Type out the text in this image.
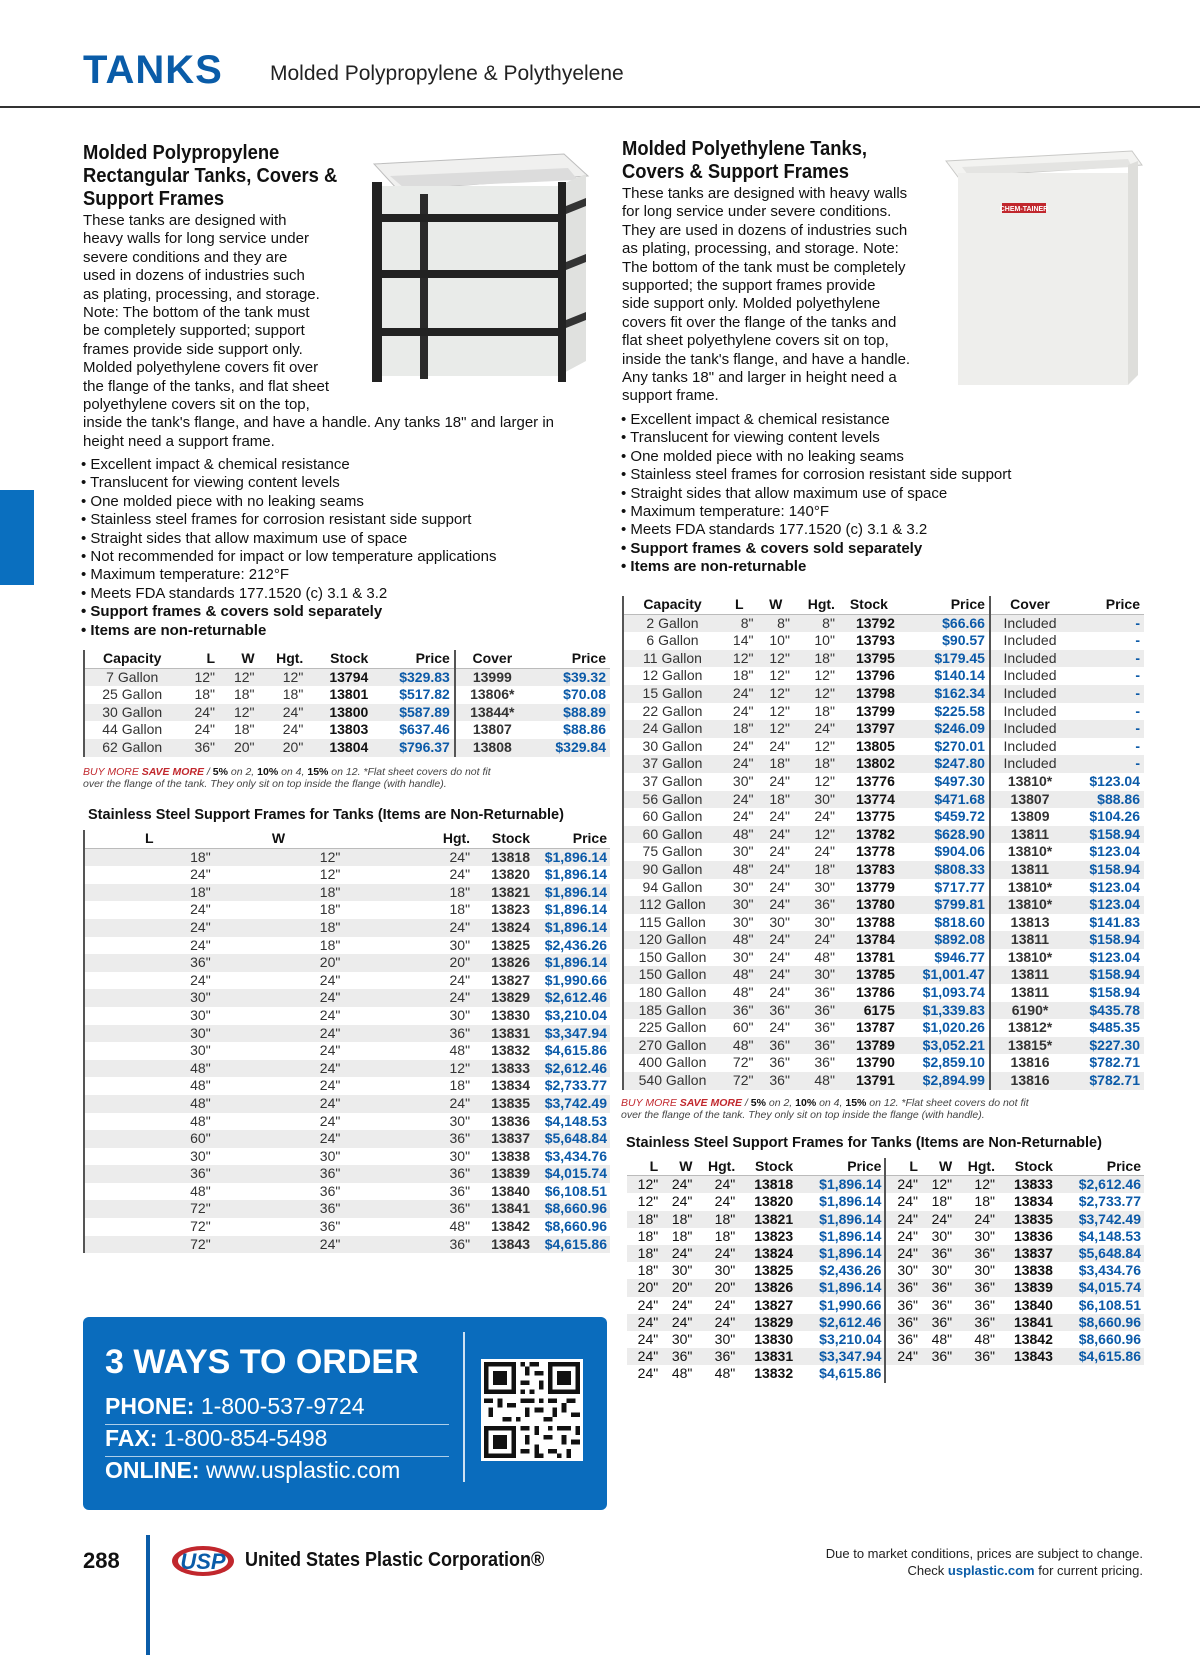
TANKS Molded Polypropylene & Polythyelene
Molded Polypropylene
Rectangular Tanks, Covers &
Support Frames
These tanks are designed with
heavy walls for long service under
severe conditions and they are
used in dozens of industries such
as plating, processing, and storage.
Note: The bottom of the tank must
be completely supported; support
frames provide side support only.
Molded polyethylene covers fit over
the flange of the tanks, and flat sheet
polyethylene covers sit on the top,
inside the tank's flange, and have a handle. Any tanks 18" and larger in
height need a support frame.
• Excellent impact & chemical resistance
• Translucent for viewing content levels
• One molded piece with no leaking seams
• Stainless steel frames for corrosion resistant side support
• Straight sides that allow maximum use of space
• Not recommended for impact or low temperature applications
• Maximum temperature: 212°F
• Meets FDA standards 177.1520 (c) 3.1 & 3.2
• Support frames & covers sold separately
• Items are non-returnable
Capacity	L	W	Hgt.	Stock	Price	Cover	Price
7 Gallon	12"	12"	12"	13794	$329.83	13999	$39.32
25 Gallon	18"	18"	18"	13801	$517.82	13806*	$70.08
30 Gallon	24"	12"	24"	13800	$587.89	13844*	$88.89
44 Gallon	24"	18"	24"	13803	$637.46	13807	$88.86
62 Gallon	36"	20"	20"	13804	$796.37	13808	$329.84
BUY MORE SAVE MORE / 5% on 2, 10% on 4, 15% on 12. *Flat sheet covers do not fit
over the flange of the tank. They only sit on top inside the flange (with handle).
Stainless Steel Support Frames for Tanks (Items are Non-Returnable)
L	W	Hgt.	Stock	Price
18"	12"	24"	13818	$1,896.14
24"	12"	24"	13820	$1,896.14
18"	18"	18"	13821	$1,896.14
24"	18"	18"	13823	$1,896.14
24"	18"	24"	13824	$1,896.14
24"	18"	30"	13825	$2,436.26
36"	20"	20"	13826	$1,896.14
24"	24"	24"	13827	$1,990.66
30"	24"	24"	13829	$2,612.46
30"	24"	30"	13830	$3,210.04
30"	24"	36"	13831	$3,347.94
30"	24"	48"	13832	$4,615.86
48"	24"	12"	13833	$2,612.46
48"	24"	18"	13834	$2,733.77
48"	24"	24"	13835	$3,742.49
48"	24"	30"	13836	$4,148.53
60"	24"	36"	13837	$5,648.84
30"	30"	30"	13838	$3,434.76
36"	36"	36"	13839	$4,015.74
48"	36"	36"	13840	$6,108.51
72"	36"	36"	13841	$8,660.96
72"	36"	48"	13842	$8,660.96
72"	24"	36"	13843	$4,615.86
3 WAYS TO ORDER
PHONE: 1-800-537-9724
FAX: 1-800-854-5498
ONLINE: www.usplastic.com
Molded Polyethylene Tanks,
Covers & Support Frames
CHEM-TAINER
These tanks are designed with heavy walls
for long service under severe conditions.
They are used in dozens of industries such
as plating, processing, and storage. Note:
The bottom of the tank must be completely
supported; the support frames provide
side support only. Molded polyethylene
covers fit over the flange of the tanks and
flat sheet polyethylene covers sit on top,
inside the tank's flange, and have a handle.
Any tanks 18" and larger in height need a
support frame.
• Excellent impact & chemical resistance
• Translucent for viewing content levels
• One molded piece with no leaking seams
• Stainless steel frames for corrosion resistant side support
• Straight sides that allow maximum use of space
• Maximum temperature: 140°F
• Meets FDA standards 177.1520 (c) 3.1 & 3.2
• Support frames & covers sold separately
• Items are non-returnable
Capacity	L	W	Hgt.	Stock	Price	Cover	Price
2 Gallon	8"	8"	8"	13792	$66.66	Included	-
6 Gallon	14"	10"	10"	13793	$90.57	Included	-
11 Gallon	12"	12"	18"	13795	$179.45	Included	-
12 Gallon	18"	12"	12"	13796	$140.14	Included	-
15 Gallon	24"	12"	12"	13798	$162.34	Included	-
22 Gallon	24"	12"	18"	13799	$225.58	Included	-
24 Gallon	18"	12"	24"	13797	$246.09	Included	-
30 Gallon	24"	24"	12"	13805	$270.01	Included	-
37 Gallon	24"	18"	18"	13802	$247.80	Included	-
37 Gallon	30"	24"	12"	13776	$497.30	13810*	$123.04
56 Gallon	24"	18"	30"	13774	$471.68	13807	$88.86
60 Gallon	24"	24"	24"	13775	$459.72	13809	$104.26
60 Gallon	48"	24"	12"	13782	$628.90	13811	$158.94
75 Gallon	30"	24"	24"	13778	$904.06	13810*	$123.04
90 Gallon	48"	24"	18"	13783	$808.33	13811	$158.94
94 Gallon	30"	24"	30"	13779	$717.77	13810*	$123.04
112 Gallon	30"	24"	36"	13780	$799.81	13810*	$123.04
115 Gallon	30"	30"	30"	13788	$818.60	13813	$141.83
120 Gallon	48"	24"	24"	13784	$892.08	13811	$158.94
150 Gallon	30"	24"	48"	13781	$946.77	13810*	$123.04
150 Gallon	48"	24"	30"	13785	$1,001.47	13811	$158.94
180 Gallon	48"	24"	36"	13786	$1,093.74	13811	$158.94
185 Gallon	36"	36"	36"	6175	$1,339.83	6190*	$435.78
225 Gallon	60"	24"	36"	13787	$1,020.26	13812*	$485.35
270 Gallon	48"	36"	36"	13789	$3,052.21	13815*	$227.30
400 Gallon	72"	36"	36"	13790	$2,859.10	13816	$782.71
540 Gallon	72"	36"	48"	13791	$2,894.99	13816	$782.71
BUY MORE SAVE MORE / 5% on 2, 10% on 4, 15% on 12. *Flat sheet covers do not fit
over the flange of the tank. They only sit on top inside the flange (with handle).
Stainless Steel Support Frames for Tanks (Items are Non-Returnable)
L	W	Hgt.	Stock	Price	L	W	Hgt.	Stock	Price
12"	24"	24"	13818	$1,896.14	24"	12"	12"	13833	$2,612.46
12"	24"	24"	13820	$1,896.14	24"	18"	18"	13834	$2,733.77
18"	18"	18"	13821	$1,896.14	24"	24"	24"	13835	$3,742.49
18"	18"	18"	13823	$1,896.14	24"	30"	30"	13836	$4,148.53
18"	24"	24"	13824	$1,896.14	24"	36"	36"	13837	$5,648.84
18"	30"	30"	13825	$2,436.26	30"	30"	30"	13838	$3,434.76
20"	20"	20"	13826	$1,896.14	36"	36"	36"	13839	$4,015.74
24"	24"	24"	13827	$1,990.66	36"	36"	36"	13840	$6,108.51
24"	24"	24"	13829	$2,612.46	36"	36"	36"	13841	$8,660.96
24"	30"	30"	13830	$3,210.04	36"	48"	48"	13842	$8,660.96
24"	36"	36"	13831	$3,347.94	24"	36"	36"	13843	$4,615.86
24"	48"	48"	13832	$4,615.86					
288	USP United States Plastic Corporation®	Due to market conditions, prices are subject to change.
Check usplastic.com for current pricing.
